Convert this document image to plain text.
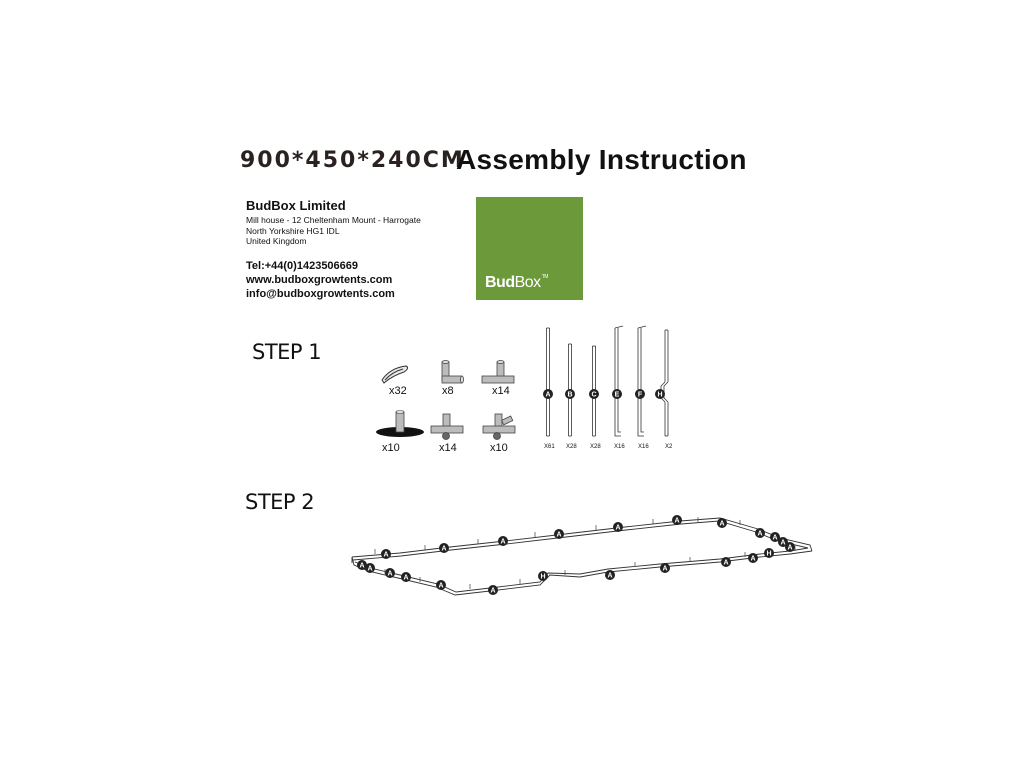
900*450*240CM
Assembly Instruction
BudBox Limited
Mill house - 12 Cheltenham Mount - Harrogate
North Yorkshire HG1 IDL
United Kingdom
Tel:+44(0)1423506669
www.budboxgrowtents.com
info@budboxgrowtents.com
BudBox™
STEP 1
STEP 2
x32	x8	x14
x10	x14	x10
A B	C	E	F H
X61 X28 X28 X16 X16	X2
A
A
A
A
A
A	A
A
A
A
A
A
A
A
H
A
A
A
A
A
H
A
A
